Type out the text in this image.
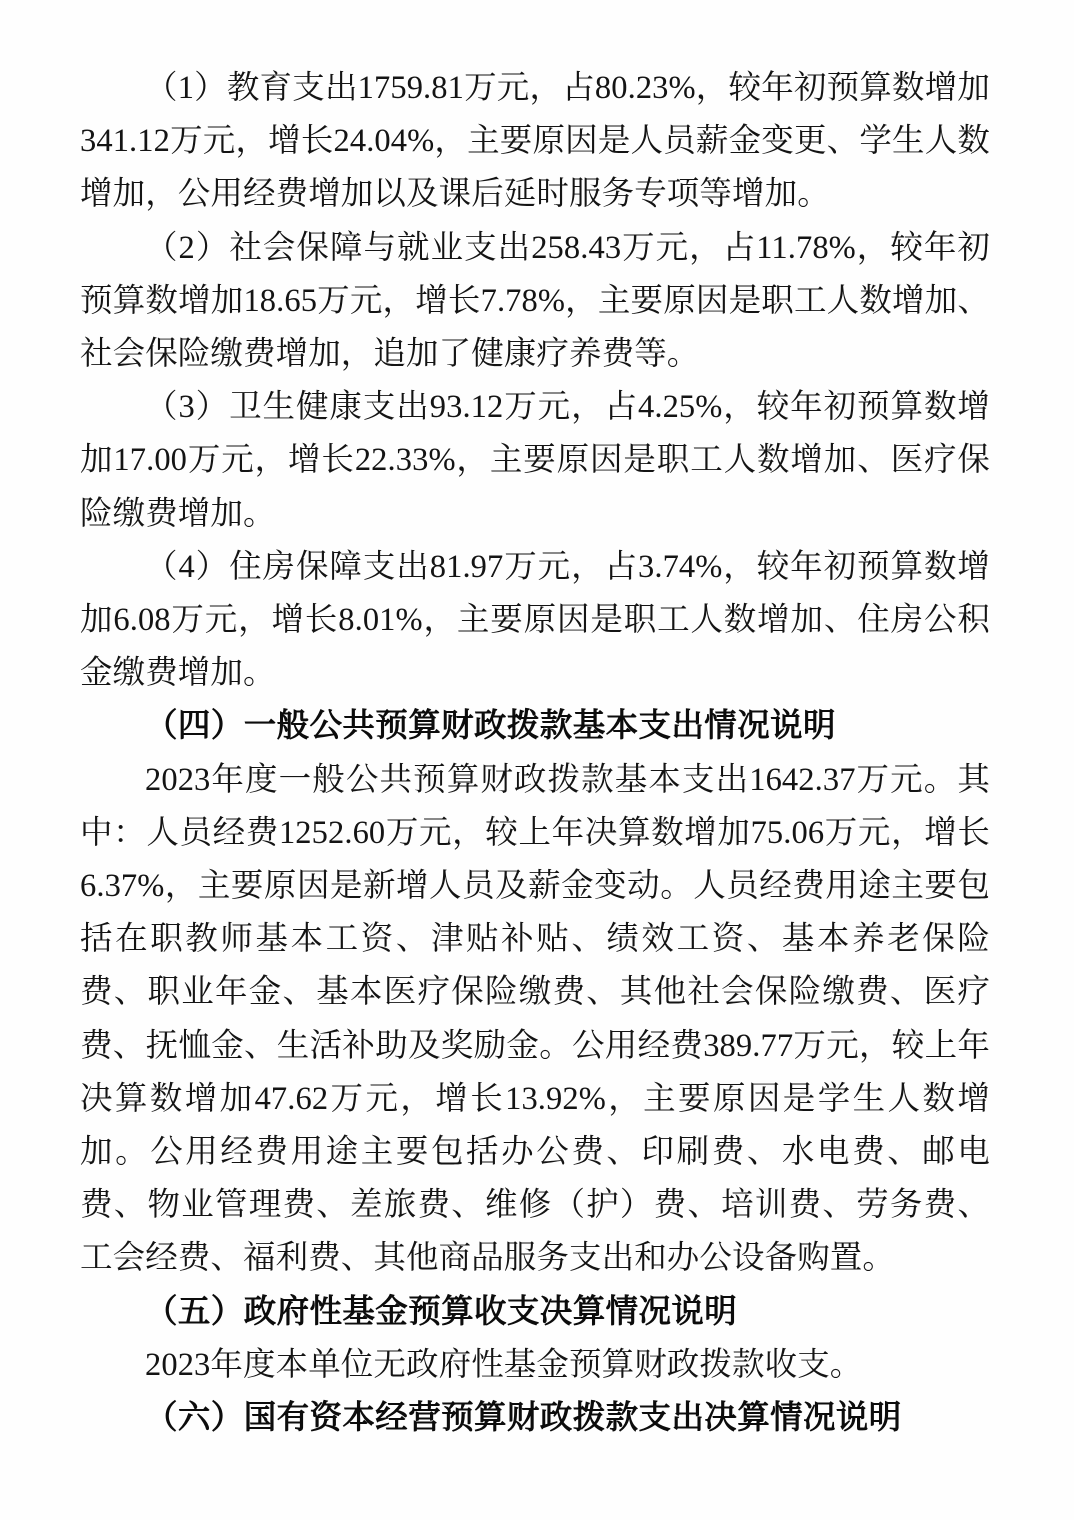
（1）教育支出1759.81万元，占80.23%，较年初预算数增加341.12万元，增长24.04%，主要原因是人员薪金变更、学生人数增加，公用经费增加以及课后延时服务专项等增加。

（2）社会保障与就业支出258.43万元，占11.78%，较年初预算数增加18.65万元，增长7.78%，主要原因是职工人数增加、社会保险缴费增加，追加了健康疗养费等。

（3）卫生健康支出93.12万元，占4.25%，较年初预算数增加17.00万元，增长22.33%，主要原因是职工人数增加、医疗保险缴费增加。

（4）住房保障支出81.97万元，占3.74%，较年初预算数增加6.08万元，增长8.01%，主要原因是职工人数增加、住房公积金缴费增加。

（四）一般公共预算财政拨款基本支出情况说明

2023年度一般公共预算财政拨款基本支出1642.37万元。其中：人员经费1252.60万元，较上年决算数增加75.06万元，增长6.37%，主要原因是新增人员及薪金变动。人员经费用途主要包括在职教师基本工资、津贴补贴、绩效工资、基本养老保险费、职业年金、基本医疗保险缴费、其他社会保险缴费、医疗费、抚恤金、生活补助及奖励金。公用经费389.77万元，较上年决算数增加47.62万元，增长13.92%，主要原因是学生人数增加。公用经费用途主要包括办公费、印刷费、水电费、邮电费、物业管理费、差旅费、维修（护）费、培训费、劳务费、工会经费、福利费、其他商品服务支出和办公设备购置。

（五）政府性基金预算收支决算情况说明

2023年度本单位无政府性基金预算财政拨款收支。

（六）国有资本经营预算财政拨款支出决算情况说明
